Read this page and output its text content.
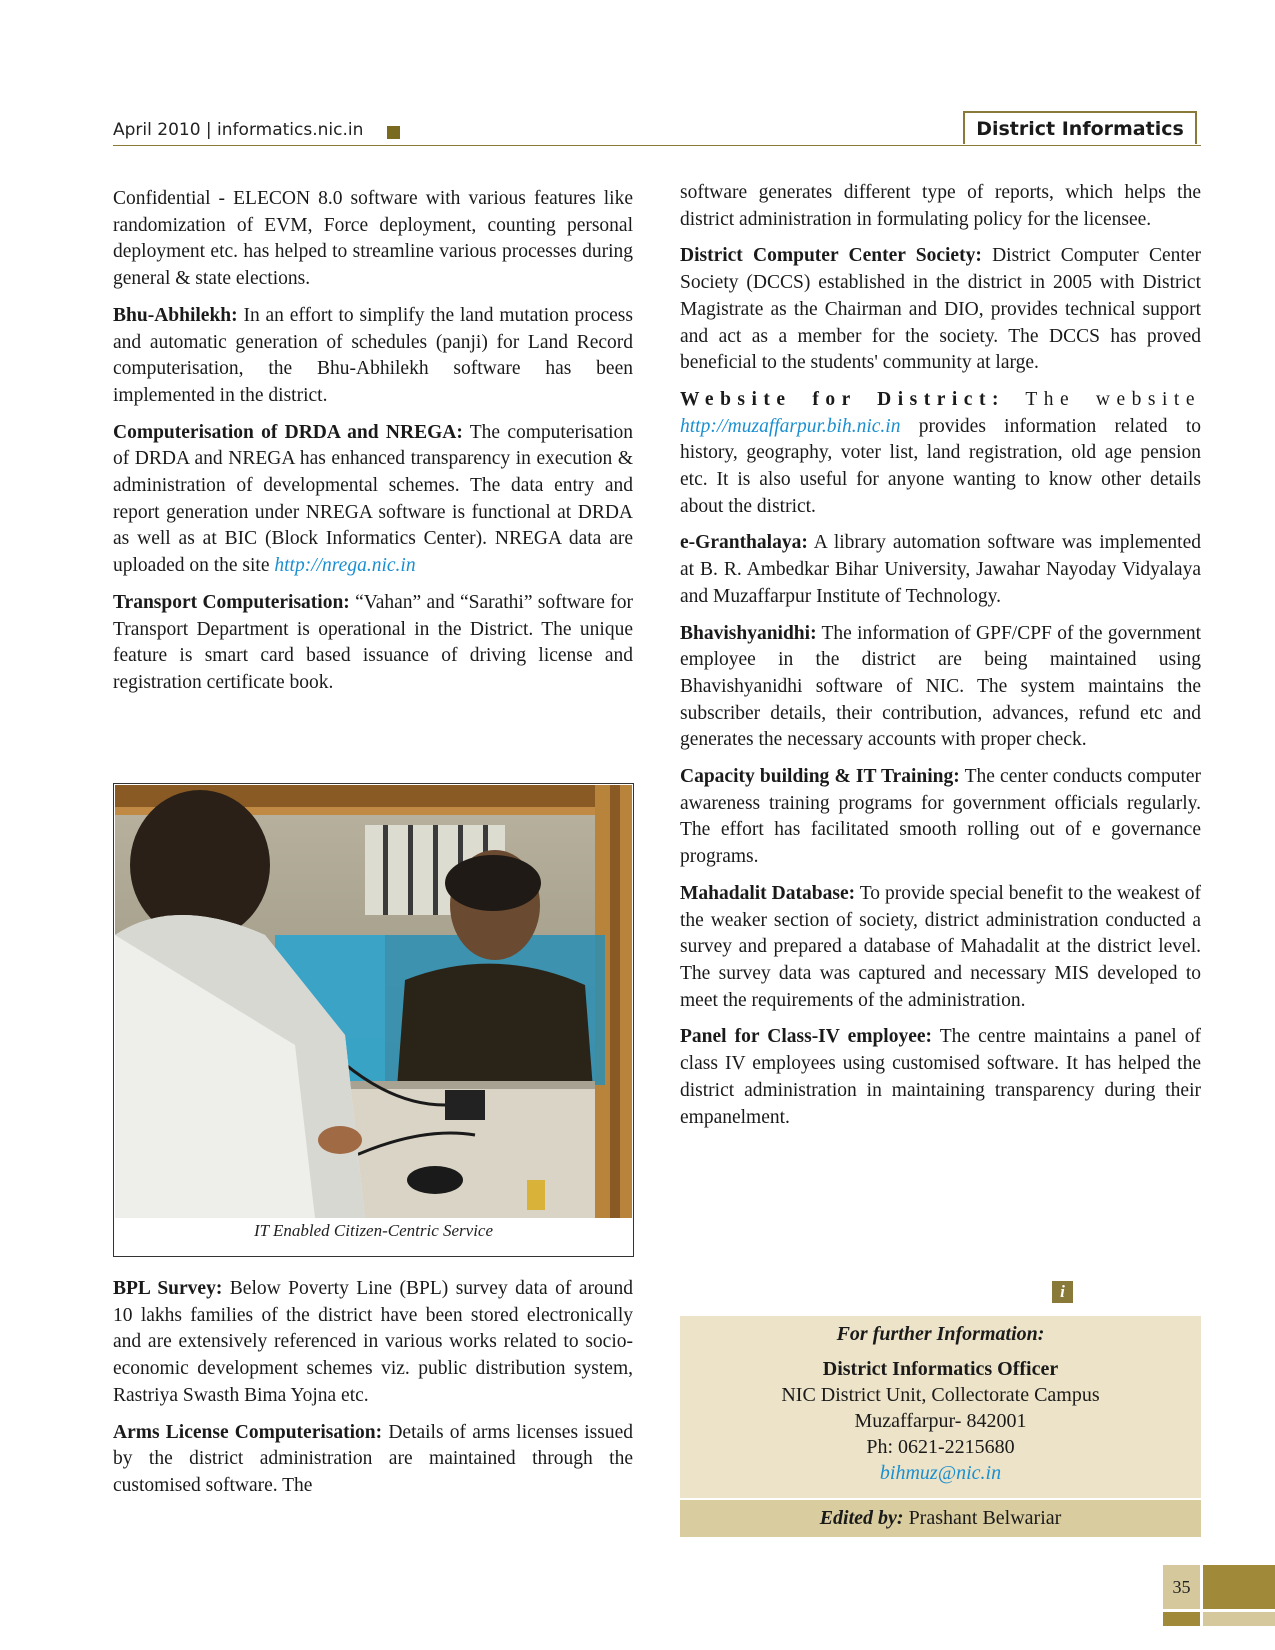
April 2010 | informatics.nic.in	District Informatics

Confidential - ELECON 8.0 software with various features like randomization of EVM, Force deployment, counting personal deployment etc. has helped to streamline various processes during general & state elections.

Bhu-Abhilekh: In an effort to simplify the land mutation process and automatic generation of schedules (panji) for Land Record computerisation, the Bhu-Abhilekh software has been implemented in the district.

Computerisation of DRDA and NREGA: The computerisation of DRDA and NREGA has enhanced transparency in execution & administration of developmental schemes. The data entry and report generation under NREGA software is functional at DRDA as well as at BIC (Block Informatics Center). NREGA data are uploaded on the site http://nrega.nic.in

Transport Computerisation: “Vahan” and “Sarathi” software for Transport Department is operational in the District. The unique feature is smart card based issuance of driving license and registration certificate book.

IT Enabled Citizen-Centric Service

BPL Survey: Below Poverty Line (BPL) survey data of around 10 lakhs families of the district have been stored electronically and are extensively referenced in various works related to socio-economic development schemes viz. public distribution system, Rastriya Swasth Bima Yojna etc.

Arms License Computerisation: Details of arms licenses issued by the district administration are maintained through the customised software. The

software generates different type of reports, which helps the district administration in formulating policy for the licensee.

District Computer Center Society: District Computer Center Society (DCCS) established in the district in 2005 with District Magistrate as the Chairman and DIO, provides technical support and act as a member for the society. The DCCS has proved beneficial to the students' community at large.

Website for District: The website http://muzaffarpur.bih.nic.in provides information related to history, geography, voter list, land registration, old age pension etc. It is also useful for anyone wanting to know other details about the district.

e-Granthalaya: A library automation software was implemented at B. R. Ambedkar Bihar University, Jawahar Nayoday Vidyalaya and Muzaffarpur Institute of Technology.

Bhavishyanidhi: The information of GPF/CPF of the government employee in the district are being maintained using Bhavishyanidhi software of NIC. The system maintains the subscriber details, their contribution, advances, refund etc and generates the necessary accounts with proper check.

Capacity building & IT Training: The center conducts computer awareness training programs for government officials regularly. The effort has facilitated smooth rolling out of e governance programs.

Mahadalit Database: To provide special benefit to the weakest of the weaker section of society, district administration conducted a survey and prepared a database of Mahadalit at the district level. The survey data was captured and necessary MIS developed to meet the requirements of the administration.

Panel for Class-IV employee: The centre maintains a panel of class IV employees using customised software. It has helped the district administration in maintaining transparency during their empanelment.

i
For further Information:
District Informatics Officer
NIC District Unit, Collectorate Campus
Muzaffarpur- 842001
Ph: 0621-2215680
bihmuz@nic.in
Edited by: Prashant Belwariar
35
